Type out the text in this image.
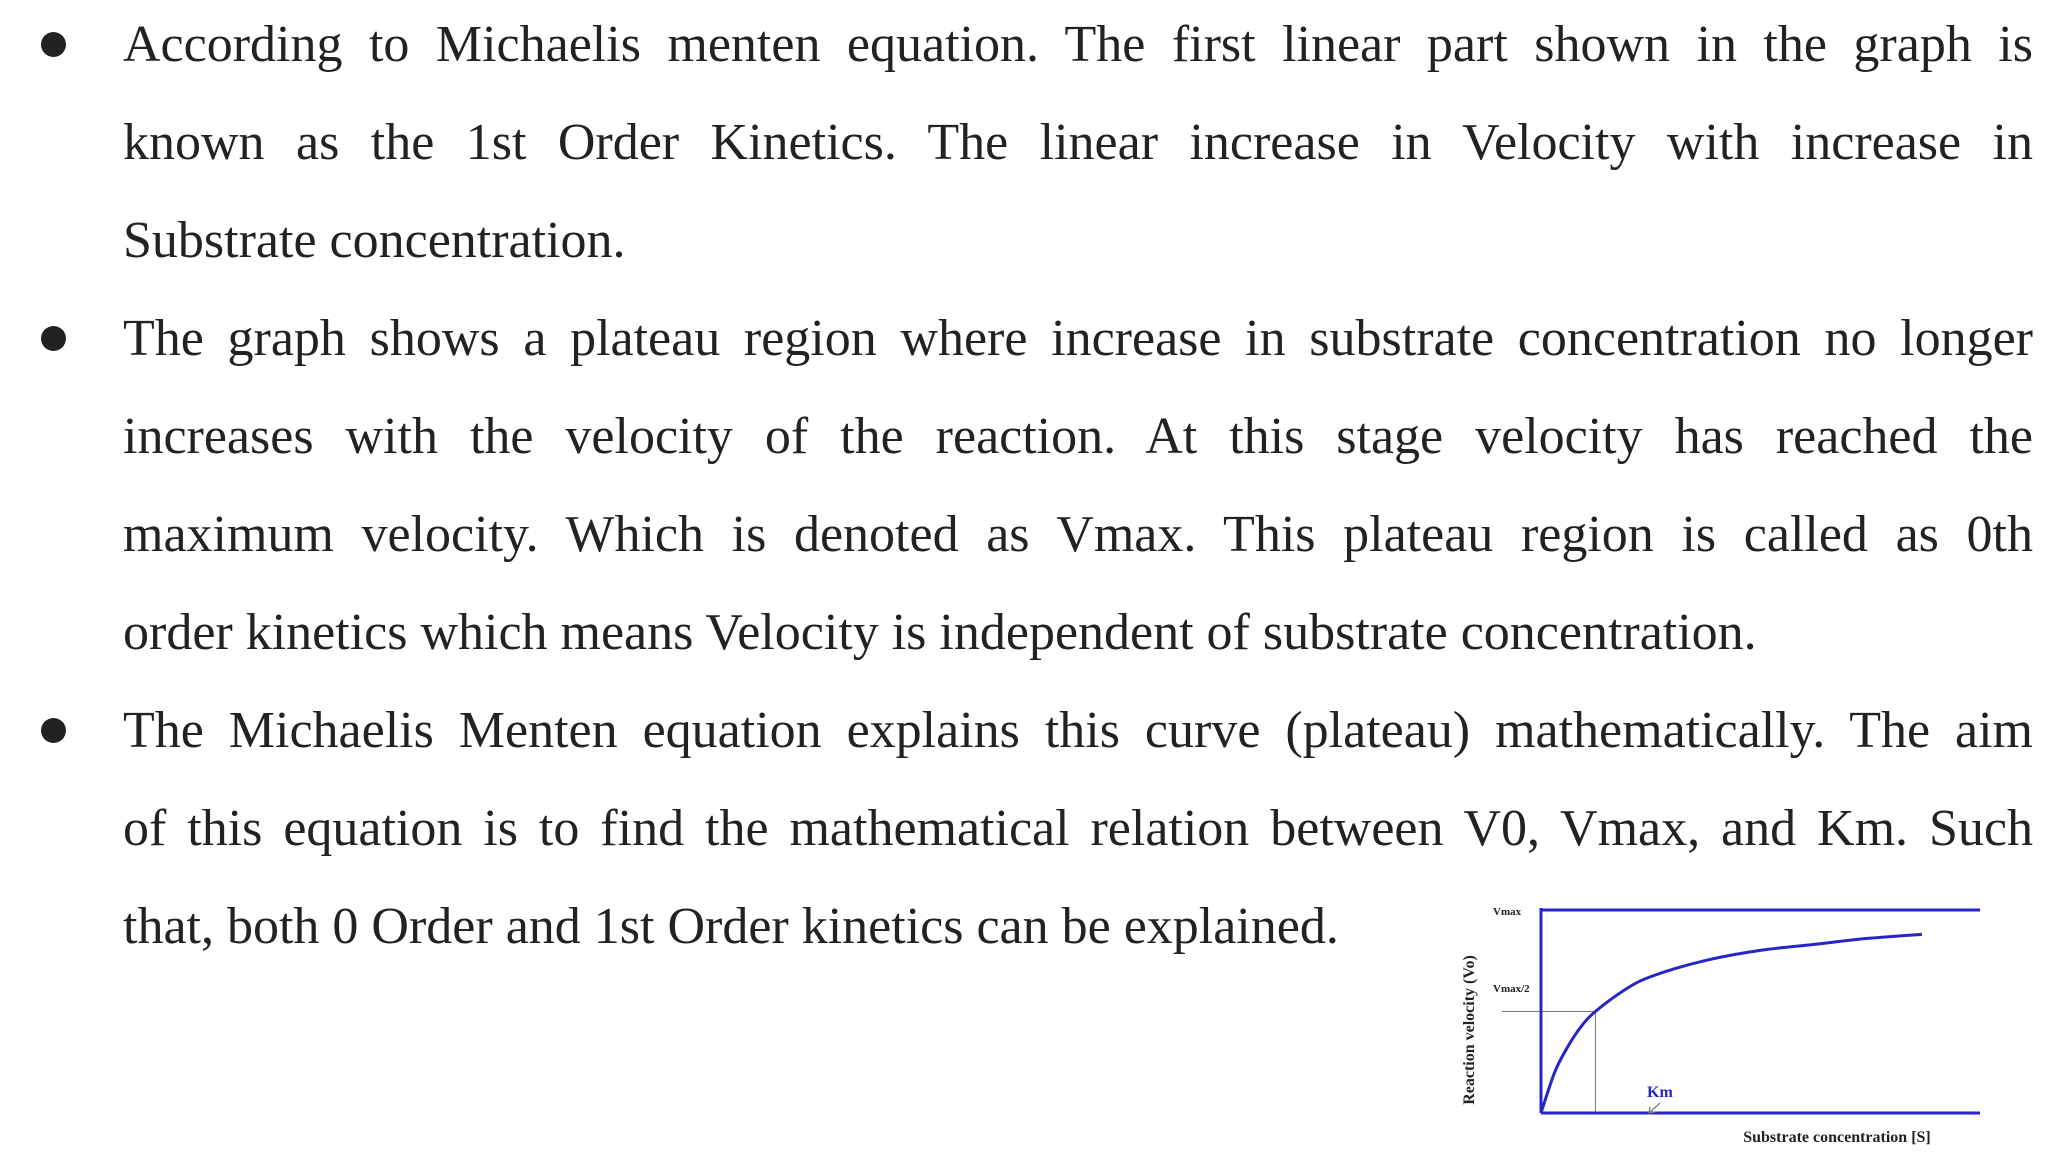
According to Michaelis menten equation. The first linear part shown in the graph is
known as the 1st Order Kinetics. The linear increase in Velocity with increase in
Substrate concentration.
The graph shows a plateau region where increase in substrate concentration no longer
increases with the velocity of the reaction. At this stage velocity has reached the
maximum velocity. Which is denoted as Vmax. This plateau region is called as 0th
order kinetics which means Velocity is independent of substrate concentration.
The Michaelis Menten equation explains this curve (plateau) mathematically. The aim
of this equation is to find the mathematical relation between V0, Vmax, and Km. Such
that, both 0 Order and 1st Order kinetics can be explained.	Vmax
Vmax/2
Reaction velocity (Vo)
Substrate concentration [S]
Km
